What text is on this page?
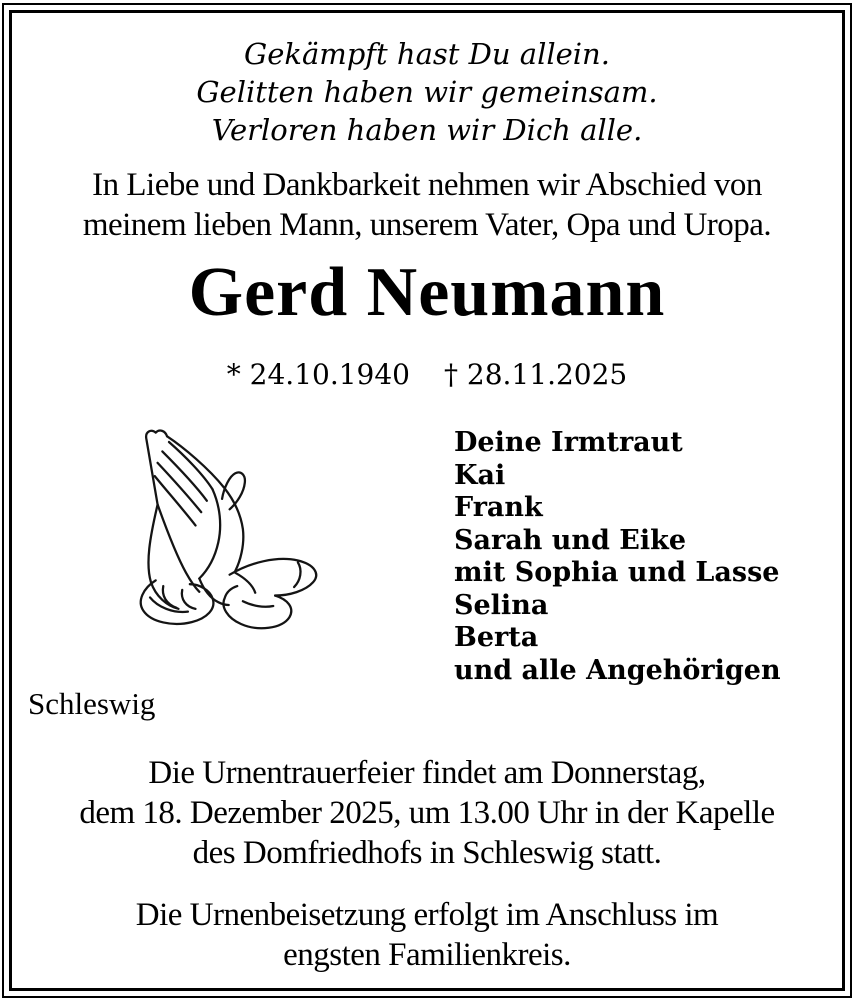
Gekämpft hast Du allein.
Gelitten haben wir gemeinsam.
Verloren haben wir Dich alle.
In Liebe und Dankbarkeit nehmen wir Abschied von
meinem lieben Mann, unserem Vater, Opa und Uropa.
Gerd Neumann
* 24.10.1940 † 28.11.2025
Deine Irmtraut
Kai
Frank
Sarah und Eike
mit Sophia und Lasse
Selina
Berta
und alle Angehörigen
Schleswig
Die Urnentrauerfeier findet am Donnerstag,
dem 18. Dezember 2025, um 13.00 Uhr in der Kapelle
des Domfriedhofs in Schleswig statt.
Die Urnenbeisetzung erfolgt im Anschluss im
engsten Familienkreis.
